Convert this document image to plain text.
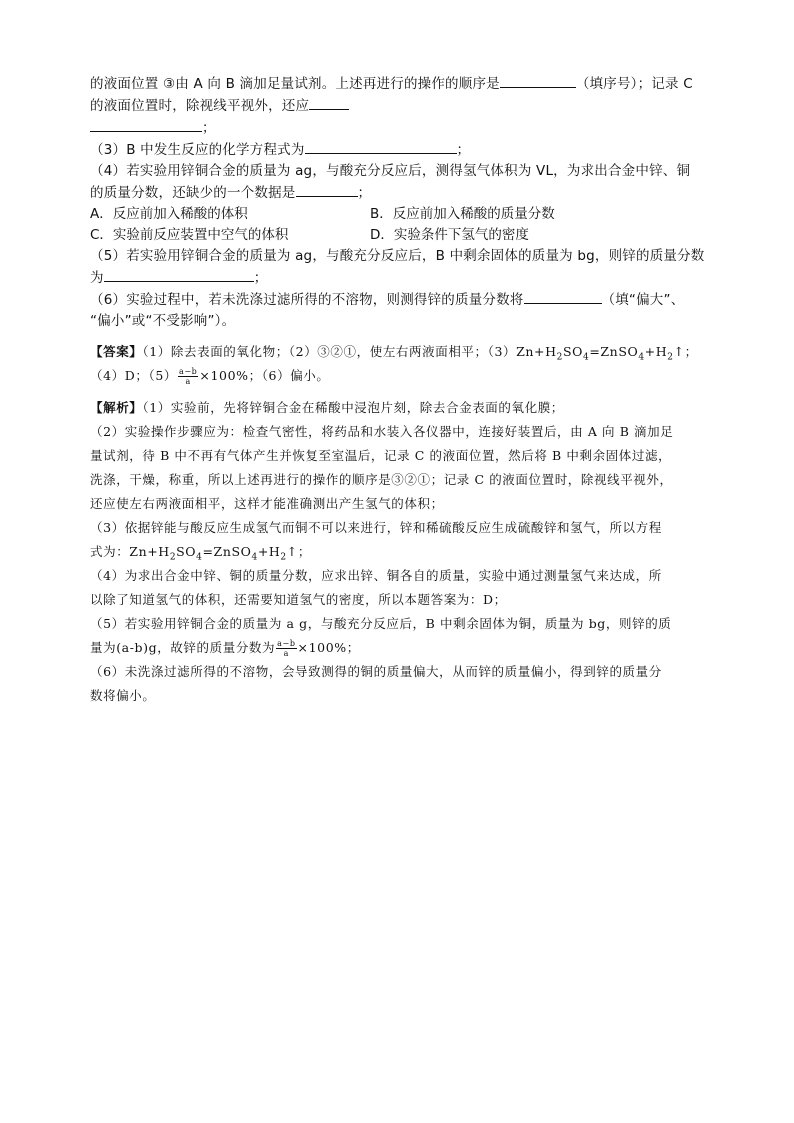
的液面位置 ③由 A 向 B 滴加足量试剂。上述再进行的操作的顺序是	（填序号）；记录 C

的液面位置时，除视线平视外，还应

；

（3）B 中发生反应的化学方程式为	；

（4）若实验用锌铜合金的质量为 ag，与酸充分反应后，测得氢气体积为 VL，为求出合金中锌、铜

的质量分数，还缺少的一个数据是	；

A．反应前加入稀酸的体积	B．反应前加入稀酸的质量分数
C．实验前反应装置中空气的体积	D．实验条件下氢气的密度

（5）若实验用锌铜合金的质量为 ag，与酸充分反应后，B 中剩余固体的质量为 bg，则锌的质量分数

为	；

（6）实验过程中，若未洗涤过滤所得的不溶物，则测得锌的质量分数将	（填“偏大”、

“偏小”或“不受影响”）。

【答案】（1）除去表面的氧化物；（2）③②①，使左右两液面相平；$(3)Zn+H_2SO_4=ZnSO_4+H_2↑$；

（4）D；$(5) \frac{a-b}{a} \times 100\%$；（6）偏小。

【解析】（1）实验前，先将锌铜合金在稀酸中浸泡片刻，除去合金表面的氧化膜；

（2）实验操作步骤应为：检查气密性，将药品和水装入各仪器中，连接好装置后，由 A 向 B 滴加足

量试剂，待 B 中不再有气体产生并恢复至室温后，记录 C 的液面位置，然后将 B 中剩余固体过滤，

洗涤，干燥，称重，所以上述再进行的操作的顺序是③②①；记录 C 的液面位置时，除视线平视外，

还应使左右两液面相平，这样才能准确测出产生氢气的体积；

（3）依据锌能与酸反应生成氢气而铜不可以来进行，锌和稀硫酸反应生成硫酸锌和氢气，所以方程

式为：$Zn+H_2SO_4=ZnSO_4+H_2↑$；

（4）为求出合金中锌、铜的质量分数，应求出锌、铜各自的质量，实验中通过测量氢气来达成，所

以除了知道氢气的体积，还需要知道氢气的密度，所以本题答案为：D；

（5）若实验用锌铜合金的质量为 a g，与酸充分反应后，B 中剩余固体为铜，质量为 bg，则锌的质

量为(a-b)g，故锌的质量分数为 $\frac{a-b}{a} \times 100\%$；

（6）未洗涤过滤所得的不溶物，会导致测得的铜的质量偏大，从而锌的质量偏小，得到锌的质量分

数将偏小。
